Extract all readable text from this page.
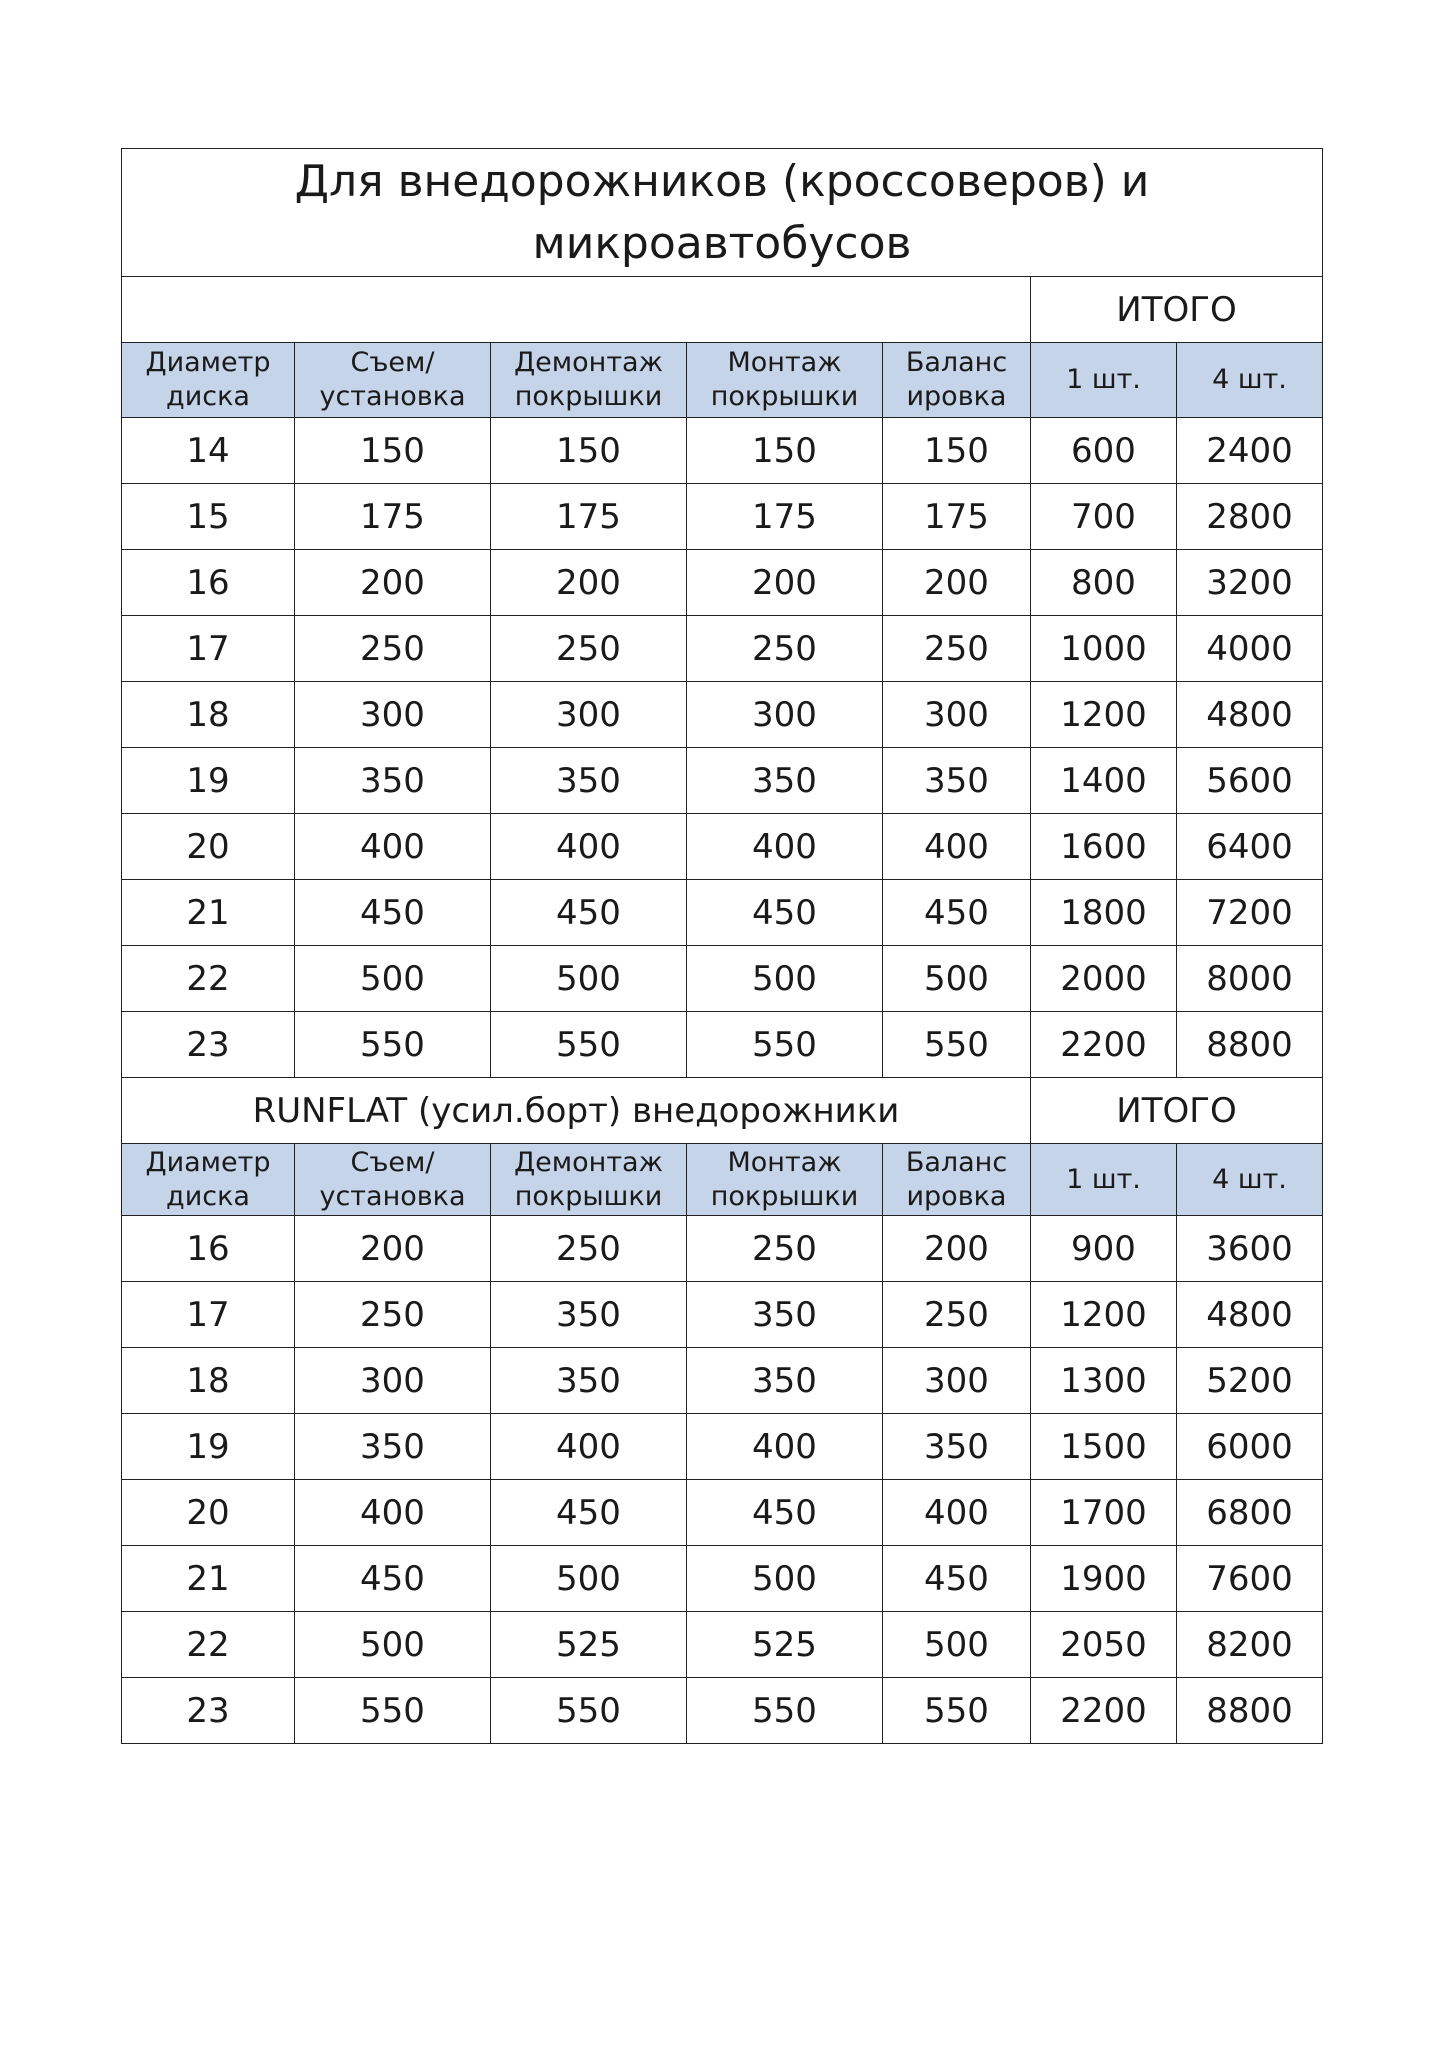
Для внедорожников (кроссоверов) и микроавтобусов						
					ИТОГО	
Диаметр диска	Съем/ установка	Демонтаж покрышки	Монтаж покрышки	Баланс ировка	1 шт.	4 шт.
14	150	150	150	150	600	2400
15	175	175	175	175	700	2800
16	200	200	200	200	800	3200
17	250	250	250	250	1000	4000
18	300	300	300	300	1200	4800
19	350	350	350	350	1400	5600
20	400	400	400	400	1600	6400
21	450	450	450	450	1800	7200
22	500	500	500	500	2000	8000
23	550	550	550	550	2200	8800
RUNFLAT (усил.борт) внедорожники					ИТОГО	
Диаметр диска	Съем/ установка	Демонтаж покрышки	Монтаж покрышки	Баланс ировка	1 шт.	4 шт.
16	200	250	250	200	900	3600
17	250	350	350	250	1200	4800
18	300	350	350	300	1300	5200
19	350	400	400	350	1500	6000
20	400	450	450	400	1700	6800
21	450	500	500	450	1900	7600
22	500	525	525	500	2050	8200
23	550	550	550	550	2200	8800
